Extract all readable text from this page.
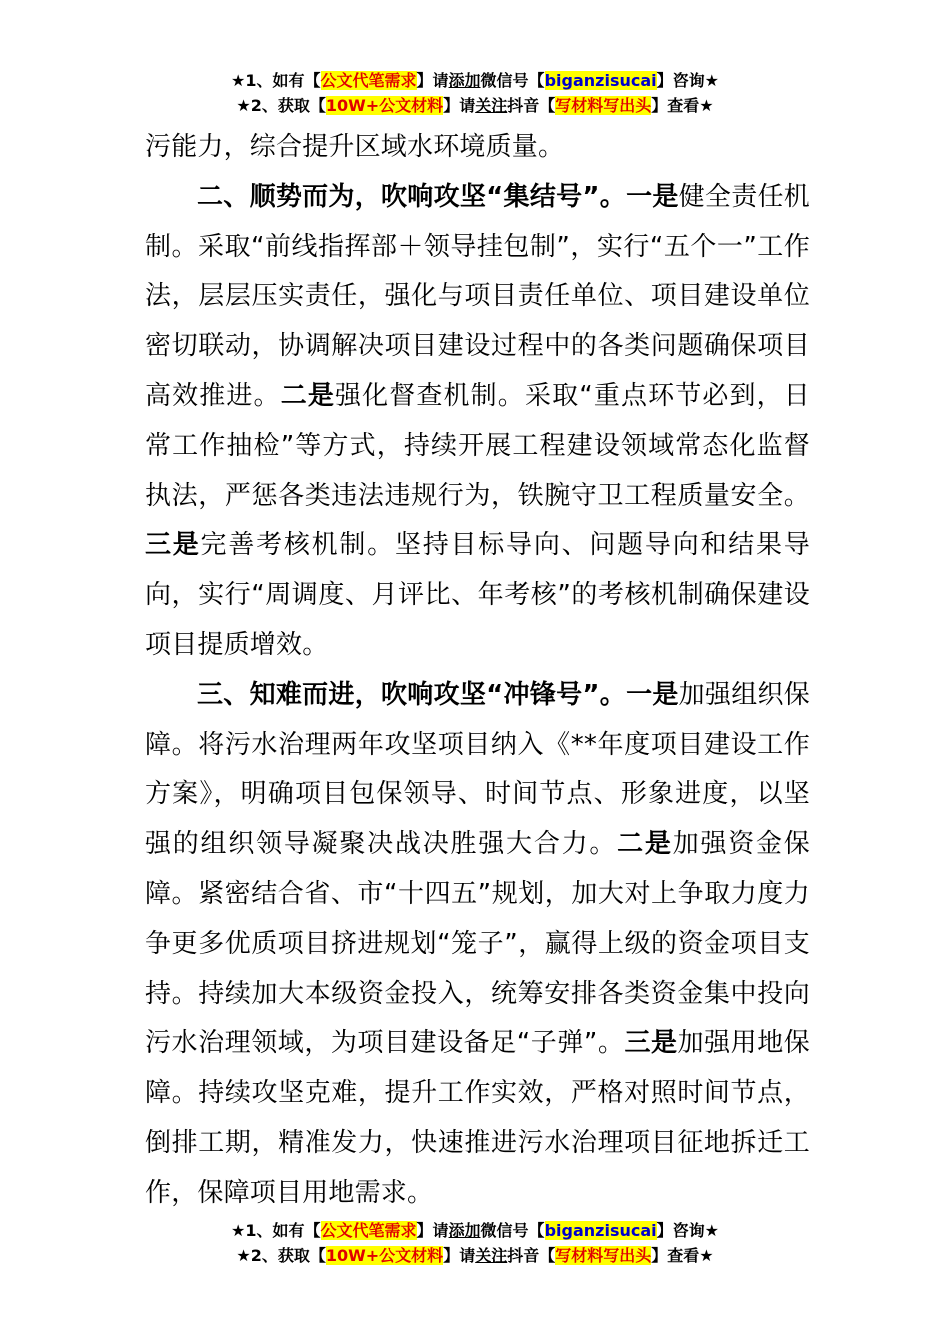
★1、如有【公文代笔需求】请添加微信号【biganzisucai】咨询★
★2、获取【10W+公文材料】请关注抖音【写材料写出头】查看★

污能力，综合提升区域水环境质量。

二、顺势而为，吹响攻坚“集结号”。一是健全责任机制。采取“前线指挥部＋领导挂包制”，实行“五个一”工作法，层层压实责任，强化与项目责任单位、项目建设单位密切联动，协调解决项目建设过程中的各类问题确保项目高效推进。二是强化督查机制。采取“重点环节必到，日常工作抽检”等方式，持续开展工程建设领域常态化监督执法，严惩各类违法违规行为，铁腕守卫工程质量安全。三是完善考核机制。坚持目标导向、问题导向和结果导向，实行“周调度、月评比、年考核”的考核机制确保建设项目提质增效。

三、知难而进，吹响攻坚“冲锋号”。一是加强组织保障。将污水治理两年攻坚项目纳入《**年度项目建设工作方案》，明确项目包保领导、时间节点、形象进度，以坚强的组织领导凝聚决战决胜强大合力。二是加强资金保障。紧密结合省、市“十四五”规划，加大对上争取力度力争更多优质项目挤进规划“笼子”，赢得上级的资金项目支持。持续加大本级资金投入，统筹安排各类资金集中投向污水治理领域，为项目建设备足“子弹”。三是加强用地保障。持续攻坚克难，提升工作实效，严格对照时间节点，倒排工期，精准发力，快速推进污水治理项目征地拆迁工作，保障项目用地需求。

★1、如有【公文代笔需求】请添加微信号【biganzisucai】咨询★
★2、获取【10W+公文材料】请关注抖音【写材料写出头】查看★
